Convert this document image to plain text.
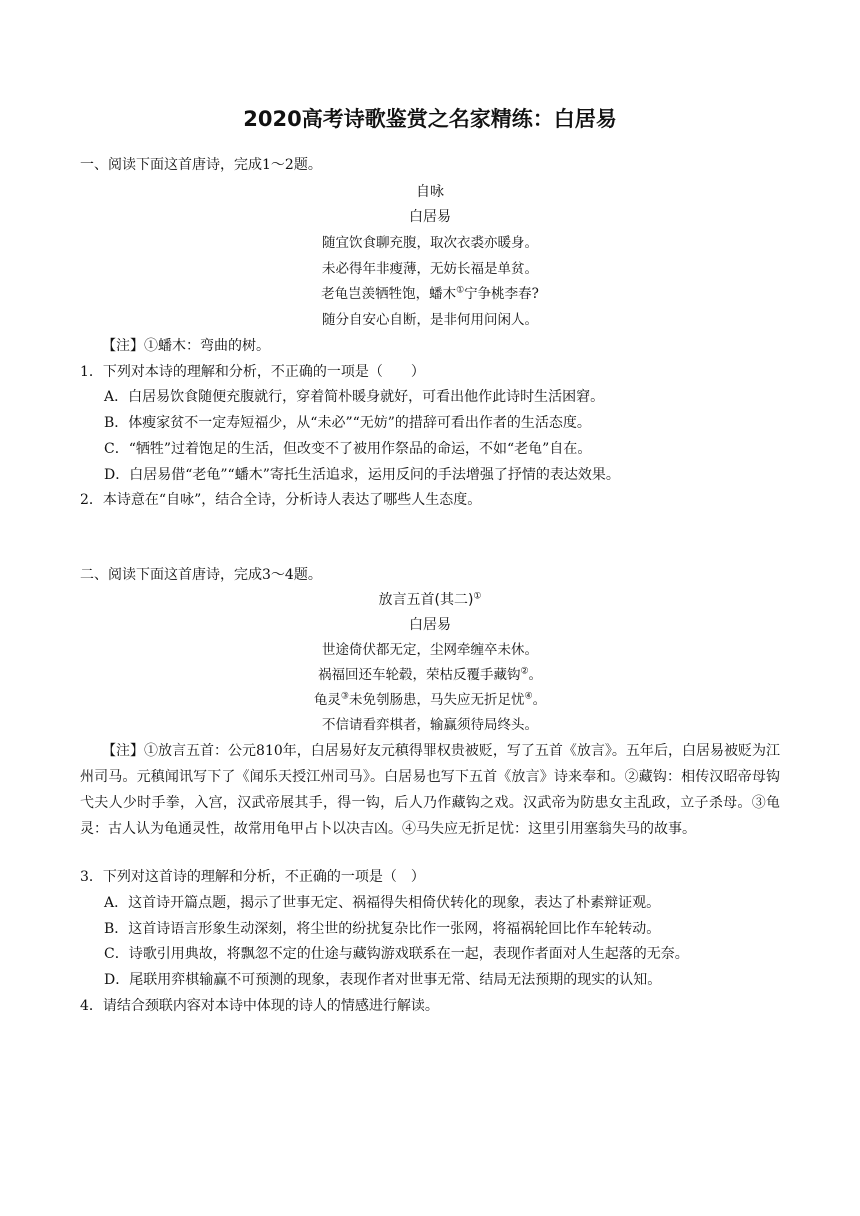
2020高考诗歌鉴赏之名家精练：白居易
一、阅读下面这首唐诗，完成1～2题。
自咏
白居易
随宜饮食聊充腹，取次衣裘亦暖身。
未必得年非瘦薄，无妨长福是单贫。
老龟岂羡牺牲饱，蟠木①宁争桃李春?
随分自安心自断，是非何用问闲人。
【注】①蟠木：弯曲的树。
1．下列对本诗的理解和分析，不正确的一项是（　　）
A．白居易饮食随便充腹就行，穿着简朴暖身就好，可看出他作此诗时生活困窘。
B．体瘦家贫不一定寿短福少，从“未必”“无妨”的措辞可看出作者的生活态度。
C．“牺牲”过着饱足的生活，但改变不了被用作祭品的命运，不如“老龟”自在。
D．白居易借“老龟”“蟠木”寄托生活追求，运用反问的手法增强了抒情的表达效果。
2．本诗意在“自咏”，结合全诗，分析诗人表达了哪些人生态度。
二、阅读下面这首唐诗，完成3～4题。
放言五首(其二)①
白居易
世途倚伏都无定，尘网牵缠卒未休。
祸福回还车轮毂，荣枯反覆手藏钩②。
龟灵③未免刳肠患，马失应无折足忧④。
不信请看弈棋者，输赢须待局终头。
【注】①放言五首：公元810年，白居易好友元稹得罪权贵被贬，写了五首《放言》。五年后，白居易被贬为江州司马。元稹闻讯写下了《闻乐天授江州司马》。白居易也写下五首《放言》诗来奉和。②藏钩：相传汉昭帝母钩弋夫人少时手拳，入宫，汉武帝展其手，得一钩，后人乃作藏钩之戏。汉武帝为防患女主乱政，立子杀母。③龟灵：古人认为龟通灵性，故常用龟甲占卜以决吉凶。④马失应无折足忧：这里引用塞翁失马的故事。
3．下列对这首诗的理解和分析，不正确的一项是（　）
A．这首诗开篇点题，揭示了世事无定、祸福得失相倚伏转化的现象，表达了朴素辩证观。
B．这首诗语言形象生动深刻，将尘世的纷扰复杂比作一张网，将福祸轮回比作车轮转动。
C．诗歌引用典故，将飘忽不定的仕途与藏钩游戏联系在一起，表现作者面对人生起落的无奈。
D．尾联用弈棋输赢不可预测的现象，表现作者对世事无常、结局无法预期的现实的认知。
4．请结合颈联内容对本诗中体现的诗人的情感进行解读。
